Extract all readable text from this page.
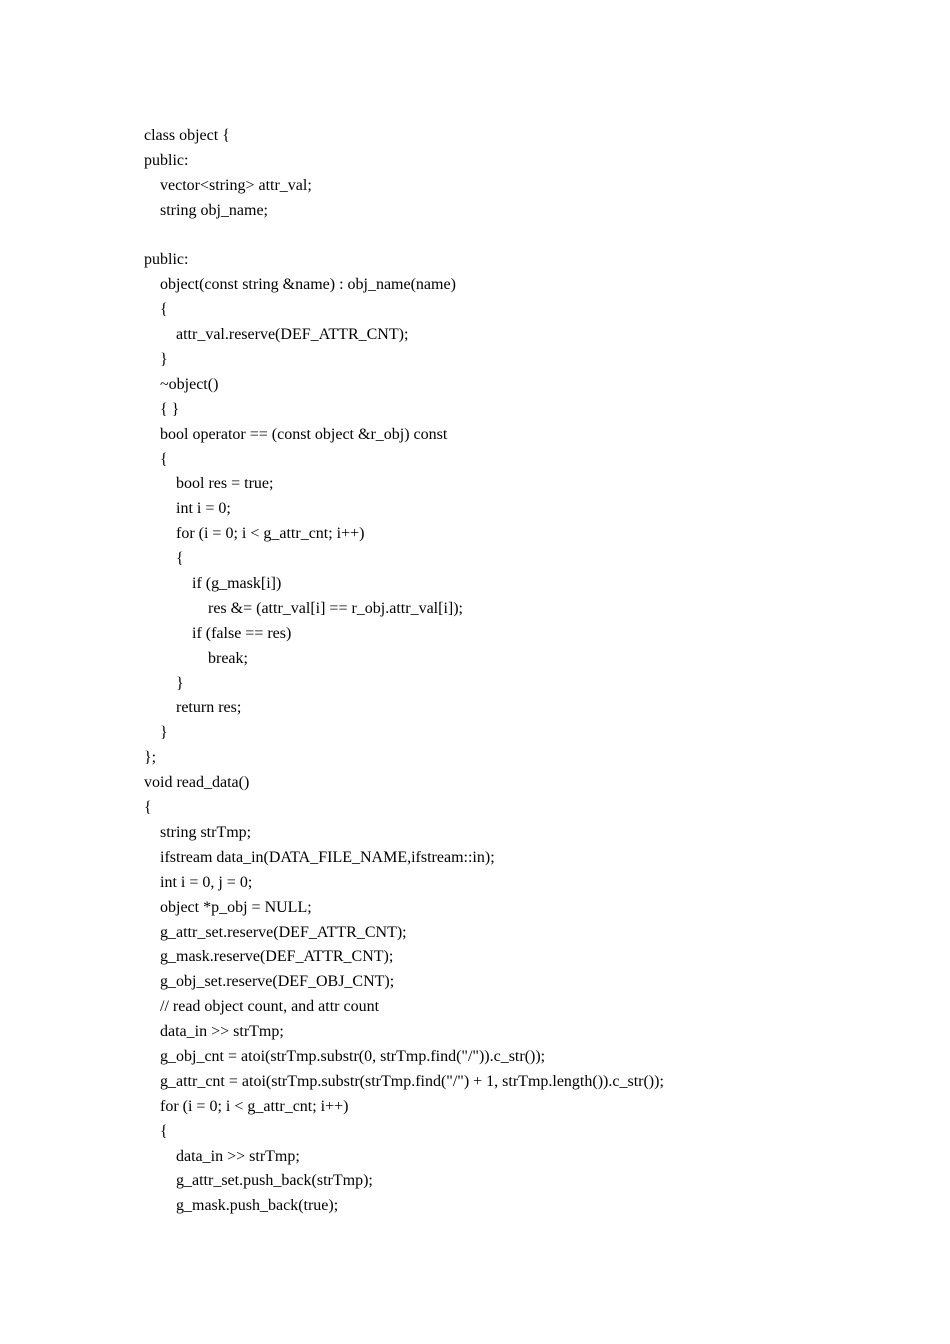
class object {
public:
vector<string> attr_val;
string obj_name;
public:
object(const string &name) : obj_name(name)
{
attr_val.reserve(DEF_ATTR_CNT);
}
~object()
{ }
bool operator == (const object &r_obj) const
{
bool res = true;
int i = 0;
for (i = 0; i < g_attr_cnt; i++)
{
if (g_mask[i])
res &= (attr_val[i] == r_obj.attr_val[i]);
if (false == res)
break;
}
return res;
}
};
void read_data()
{
string strTmp;
ifstream data_in(DATA_FILE_NAME,ifstream::in);
int i = 0, j = 0;
object *p_obj = NULL;
g_attr_set.reserve(DEF_ATTR_CNT);
g_mask.reserve(DEF_ATTR_CNT);
g_obj_set.reserve(DEF_OBJ_CNT);
// read object count, and attr count
data_in >> strTmp;
g_obj_cnt = atoi(strTmp.substr(0, strTmp.find("/")).c_str());
g_attr_cnt = atoi(strTmp.substr(strTmp.find("/") + 1, strTmp.length()).c_str());
for (i = 0; i < g_attr_cnt; i++)
{
data_in >> strTmp;
g_attr_set.push_back(strTmp);
g_mask.push_back(true);
